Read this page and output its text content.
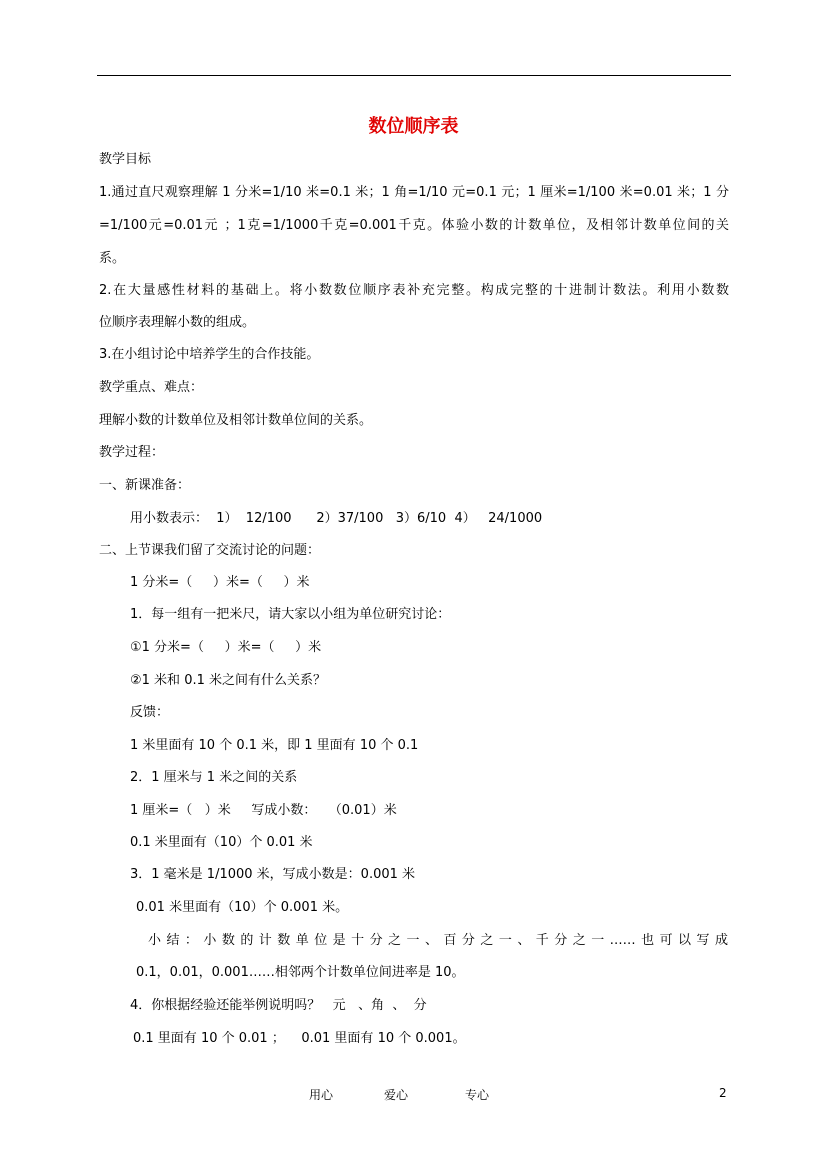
数位顺序表
教学目标
1.通过直尺观察理解 1 分米=1/10 米=0.1 米；1 角=1/10 元=0.1 元；1 厘米=1/100 米=0.01 米；1 分
=1/100元=0.01元 ；1克=1/1000千克=0.001千克。体验小数的计数单位，及相邻计数单位间的关
系。
2.在大量感性材料的基础上。将小数数位顺序表补充完整。构成完整的十进制计数法。利用小数数
位顺序表理解小数的组成。
3.在小组讨论中培养学生的合作技能。
教学重点、难点：
理解小数的计数单位及相邻计数单位间的关系。
教学过程：
一、新课准备：
用小数表示：  1）  12/100      2）37/100   3）6/10  4）   24/1000
二、上节课我们留了交流讨论的问题：
1 分米=（     ）米=（     ）米
1．每一组有一把米尺，请大家以小组为单位研究讨论：
①1 分米=（     ）米=（     ）米
②1 米和 0.1 米之间有什么关系？
反馈：
1 米里面有 10 个 0.1 米，即 1 里面有 10 个 0.1
2．1 厘米与 1 米之间的关系
1 厘米=（   ）米     写成小数：   （0.01）米
0.1 米里面有（10）个 0.01 米
3．1 毫米是 1/1000 米，写成小数是：0.001 米
0.01 米里面有（10）个 0.001 米。
小结：小数的计数单位是十分之一、百分之一、千分之一……也可以写成
0.1，0.01，0.001……相邻两个计数单位间进率是 10。
4．你根据经验还能举例说明吗？   元   、角  、  分
0.1 里面有 10 个 0.01 ；    0.01 里面有 10 个 0.001。
用心	爱心	专心	2
